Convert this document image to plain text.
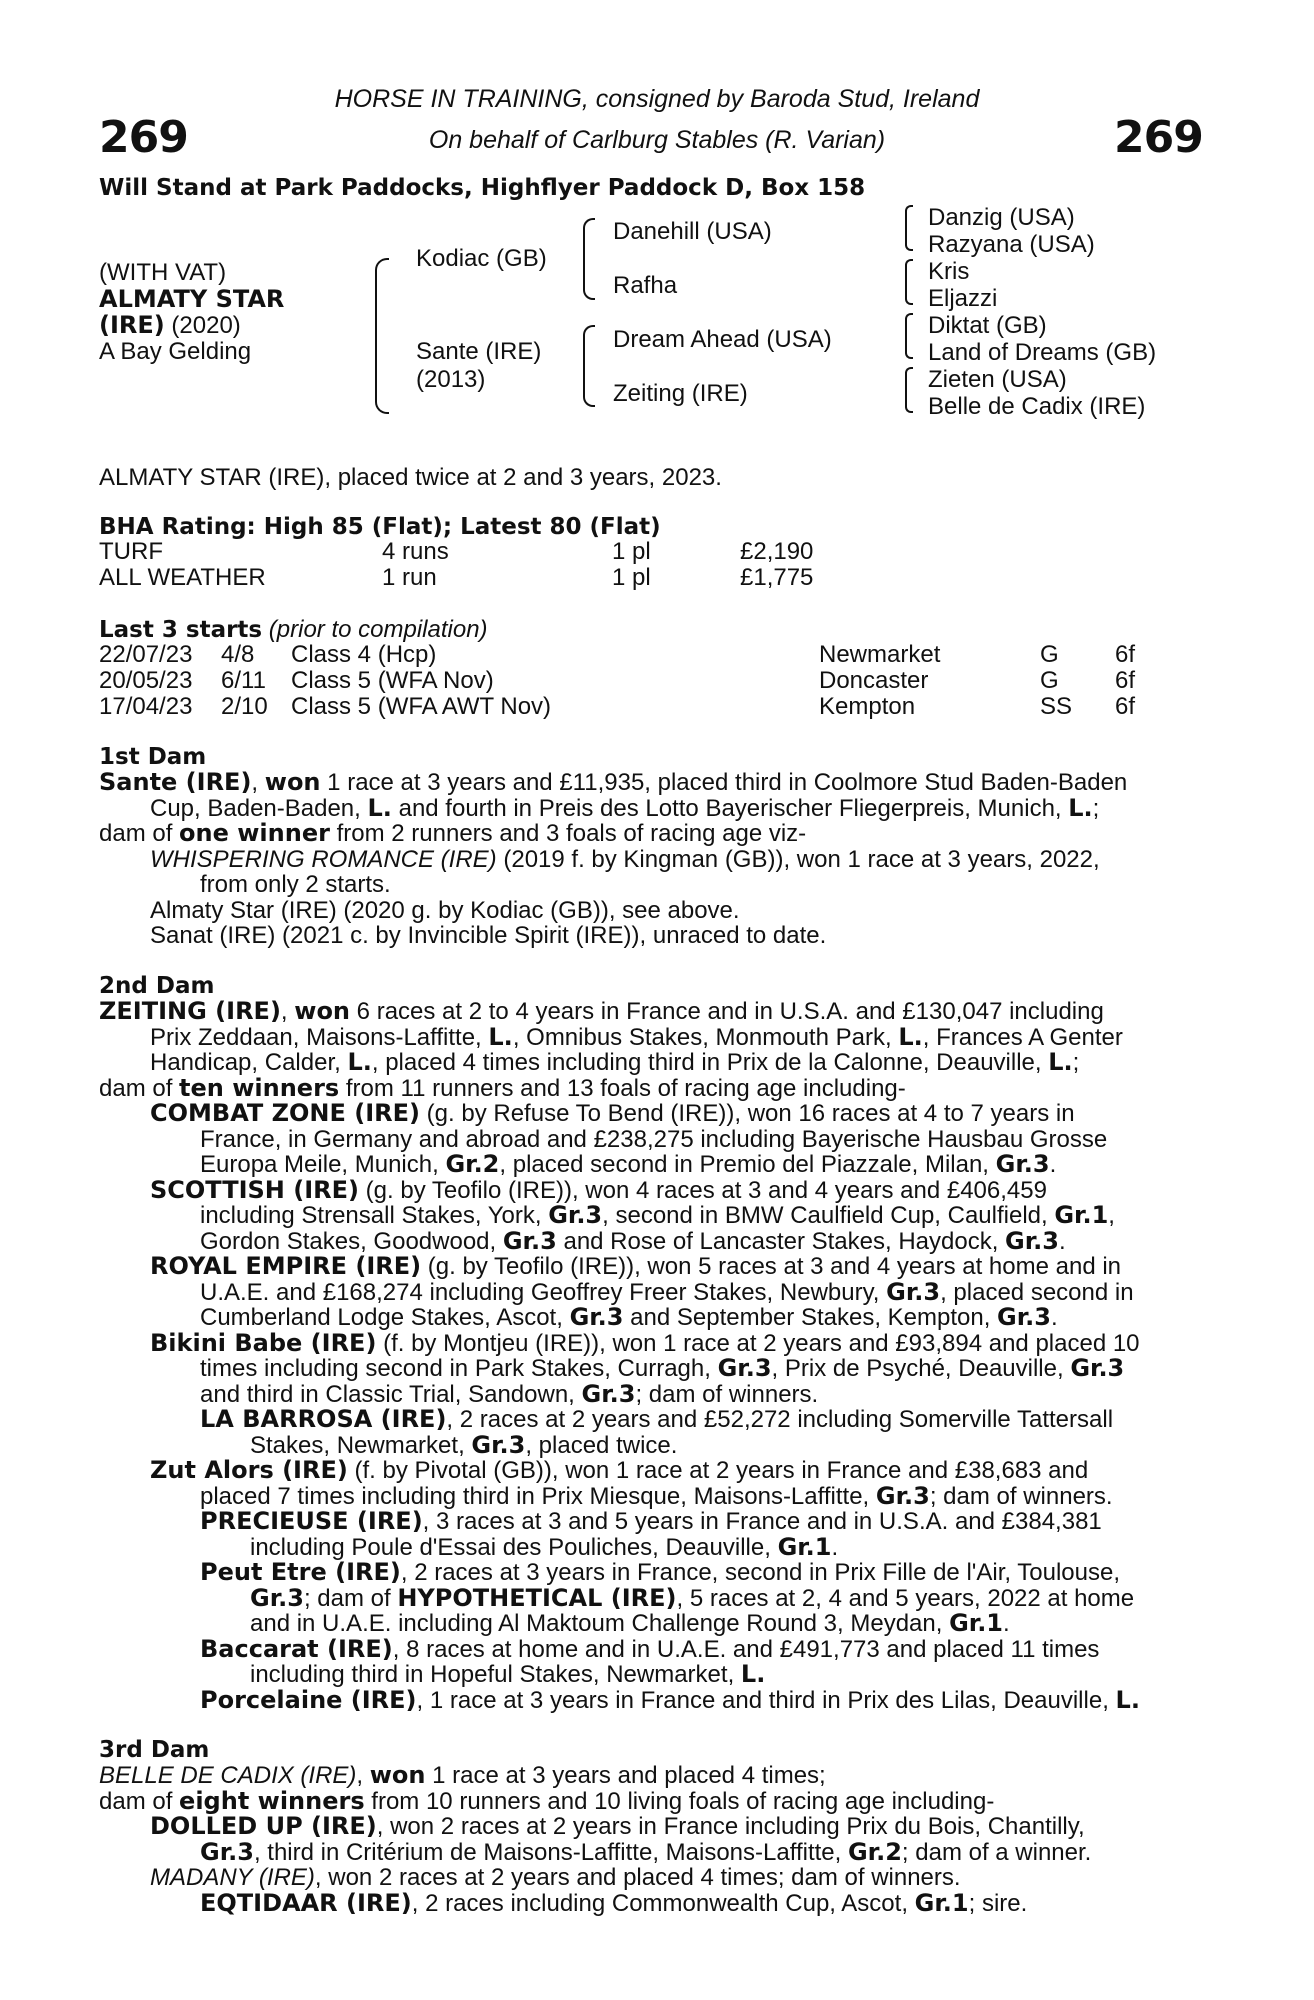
269	269
HORSE IN TRAINING, consigned by Baroda Stud, Ireland
On behalf of Carlburg Stables (R. Varian)
Will Stand at Park Paddocks, Highflyer Paddock D, Box 158
(WITH VAT)
ALMATY STAR
(IRE) (2020)
A Bay Gelding
Kodiac (GB)
Sante (IRE)
(2013)
Danehill (USA)
Rafha
Dream Ahead (USA)
Zeiting (IRE)
Danzig (USA)
Razyana (USA)
Kris
Eljazzi
Diktat (GB)
Land of Dreams (GB)
Zieten (USA)
Belle de Cadix (IRE)
ALMATY STAR (IRE), placed twice at 2 and 3 years, 2023.
BHA Rating: High 85 (Flat); Latest 80 (Flat)
TURF	4 runs	1 pl	£2,190
ALL WEATHER	1 run	1 pl	£1,775
Last 3 starts (prior to compilation)
22/07/23 4/8 Class 4 (Hcp)	Newmarket	G 6f
20/05/23 6/11 Class 5 (WFA Nov)	Doncaster	G 6f
17/04/23 2/10 Class 5 (WFA AWT Nov)	Kempton	SS 6f
1st Dam
Sante (IRE), won 1 race at 3 years and £11,935, placed third in Coolmore Stud Baden-Baden
Cup, Baden-Baden, L. and fourth in Preis des Lotto Bayerischer Fliegerpreis, Munich, L.;
dam of one winner from 2 runners and 3 foals of racing age viz-
WHISPERING ROMANCE (IRE) (2019 f. by Kingman (GB)), won 1 race at 3 years, 2022,
from only 2 starts.
Almaty Star (IRE) (2020 g. by Kodiac (GB)), see above.
Sanat (IRE) (2021 c. by Invincible Spirit (IRE)), unraced to date.
2nd Dam
ZEITING (IRE), won 6 races at 2 to 4 years in France and in U.S.A. and £130,047 including
Prix Zeddaan, Maisons-Laffitte, L., Omnibus Stakes, Monmouth Park, L., Frances A Genter
Handicap, Calder, L., placed 4 times including third in Prix de la Calonne, Deauville, L.;
dam of ten winners from 11 runners and 13 foals of racing age including-
COMBAT ZONE (IRE) (g. by Refuse To Bend (IRE)), won 16 races at 4 to 7 years in
France, in Germany and abroad and £238,275 including Bayerische Hausbau Grosse
Europa Meile, Munich, Gr.2, placed second in Premio del Piazzale, Milan, Gr.3.
SCOTTISH (IRE) (g. by Teofilo (IRE)), won 4 races at 3 and 4 years and £406,459
including Strensall Stakes, York, Gr.3, second in BMW Caulfield Cup, Caulfield, Gr.1,
Gordon Stakes, Goodwood, Gr.3 and Rose of Lancaster Stakes, Haydock, Gr.3.
ROYAL EMPIRE (IRE) (g. by Teofilo (IRE)), won 5 races at 3 and 4 years at home and in
U.A.E. and £168,274 including Geoffrey Freer Stakes, Newbury, Gr.3, placed second in
Cumberland Lodge Stakes, Ascot, Gr.3 and September Stakes, Kempton, Gr.3.
Bikini Babe (IRE) (f. by Montjeu (IRE)), won 1 race at 2 years and £93,894 and placed 10
times including second in Park Stakes, Curragh, Gr.3, Prix de Psyché, Deauville, Gr.3
and third in Classic Trial, Sandown, Gr.3; dam of winners.
LA BARROSA (IRE), 2 races at 2 years and £52,272 including Somerville Tattersall
Stakes, Newmarket, Gr.3, placed twice.
Zut Alors (IRE) (f. by Pivotal (GB)), won 1 race at 2 years in France and £38,683 and
placed 7 times including third in Prix Miesque, Maisons-Laffitte, Gr.3; dam of winners.
PRECIEUSE (IRE), 3 races at 3 and 5 years in France and in U.S.A. and £384,381
including Poule d'Essai des Pouliches, Deauville, Gr.1.
Peut Etre (IRE), 2 races at 3 years in France, second in Prix Fille de l'Air, Toulouse,
Gr.3; dam of HYPOTHETICAL (IRE), 5 races at 2, 4 and 5 years, 2022 at home
and in U.A.E. including Al Maktoum Challenge Round 3, Meydan, Gr.1.
Baccarat (IRE), 8 races at home and in U.A.E. and £491,773 and placed 11 times
including third in Hopeful Stakes, Newmarket, L.
Porcelaine (IRE), 1 race at 3 years in France and third in Prix des Lilas, Deauville, L.
3rd Dam
BELLE DE CADIX (IRE), won 1 race at 3 years and placed 4 times;
dam of eight winners from 10 runners and 10 living foals of racing age including-
DOLLED UP (IRE), won 2 races at 2 years in France including Prix du Bois, Chantilly,
Gr.3, third in Critérium de Maisons-Laffitte, Maisons-Laffitte, Gr.2; dam of a winner.
MADANY (IRE), won 2 races at 2 years and placed 4 times; dam of winners.
EQTIDAAR (IRE), 2 races including Commonwealth Cup, Ascot, Gr.1; sire.
